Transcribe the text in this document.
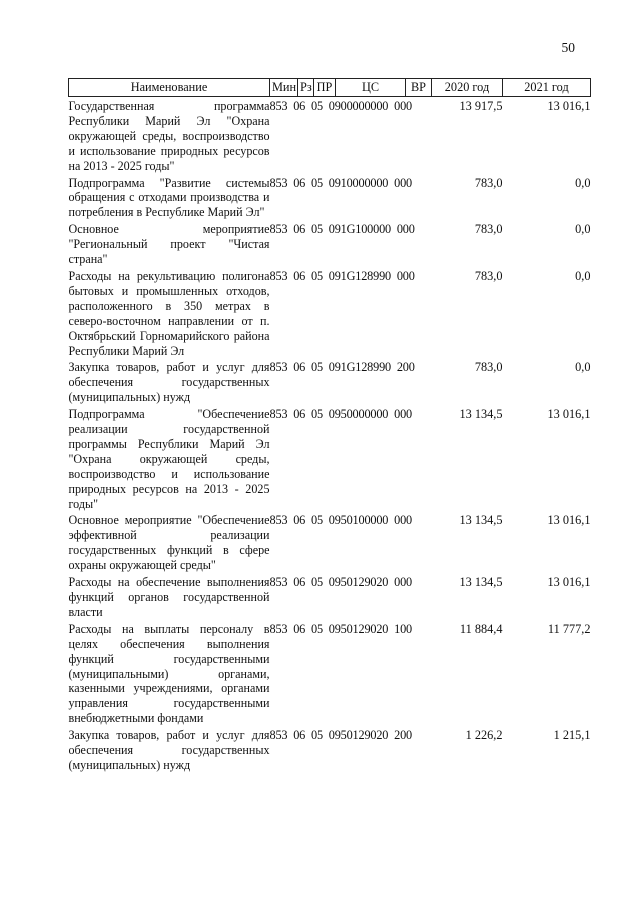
50
Наименование	Мин	Рз	ПР	ЦС	ВР	2020 год	2021 год
Государственная программа Республики Марий Эл "Охрана окружающей среды, воспроизводство и использование природных ресурсов на 2013 - 2025 годы"	853 06 05 0900000000 000					13 917,5	13 016,1
Подпрограмма "Развитие системы обращения с отходами производства и потребления в Республике Марий Эл"	853 06 05 0910000000 000					783,0	0,0
Основное мероприятие "Региональный проект "Чистая страна"	853 06 05 091G100000 000					783,0	0,0
Расходы на рекультивацию полигона бытовых и промышленных отходов, расположенного в 350 метрах в северо-восточном направлении от п. Октябрьский Горномарийского района Республики Марий Эл	853 06 05 091G128990 000					783,0	0,0
Закупка товаров, работ и услуг для обеспечения государственных (муниципальных) нужд	853 06 05 091G128990 200					783,0	0,0
Подпрограмма "Обеспечение реализации государственной программы Республики Марий Эл "Охрана окружающей среды, воспроизводство и использование природных ресурсов на 2013 - 2025 годы"	853 06 05 0950000000 000					13 134,5	13 016,1
Основное мероприятие "Обеспечение эффективной реализации государственных функций в сфере охраны окружающей среды"	853 06 05 0950100000 000					13 134,5	13 016,1
Расходы на обеспечение выполнения функций органов государственной власти	853 06 05 0950129020 000					13 134,5	13 016,1
Расходы на выплаты персоналу в целях обеспечения выполнения функций государственными (муниципальными) органами, казенными учреждениями, органами управления государственными внебюджетными фондами	853 06 05 0950129020 100					11 884,4	11 777,2
Закупка товаров, работ и услуг для обеспечения государственных (муниципальных) нужд	853 06 05 0950129020 200					1 226,2	1 215,1
